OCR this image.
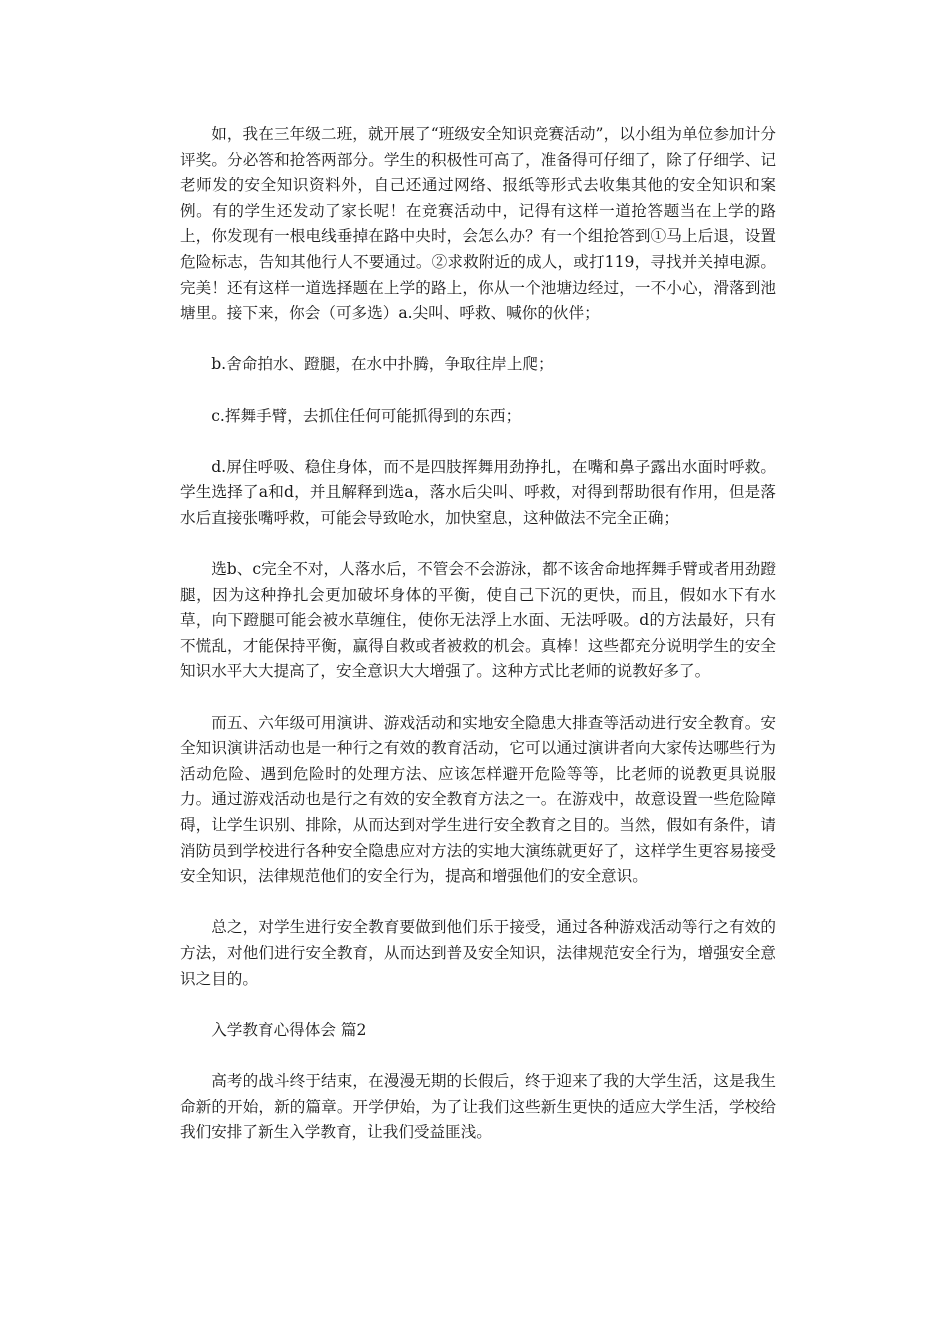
如，我在三年级二班，就开展了“班级安全知识竞赛活动”，以小组为单位参加计分评奖。分必答和抢答两部分。学生的积极性可高了，准备得可仔细了，除了仔细学、记老师发的安全知识资料外，自己还通过网络、报纸等形式去收集其他的安全知识和案例。有的学生还发动了家长呢！在竞赛活动中，记得有这样一道抢答题当在上学的路上，你发现有一根电线垂掉在路中央时，会怎么办？有一个组抢答到①马上后退，设置危险标志，告知其他行人不要通过。②求救附近的成人，或打119，寻找并关掉电源。完美！还有这样一道选择题在上学的路上，你从一个池塘边经过，一不小心，滑落到池塘里。接下来，你会（可多选）a.尖叫、呼救、喊你的伙伴；

b.舍命拍水、蹬腿，在水中扑腾，争取往岸上爬；

c.挥舞手臂，去抓住任何可能抓得到的东西；

d.屏住呼吸、稳住身体，而不是四肢挥舞用劲挣扎，在嘴和鼻子露出水面时呼救。学生选择了a和d，并且解释到选a，落水后尖叫、呼救，对得到帮助很有作用，但是落水后直接张嘴呼救，可能会导致呛水，加快窒息，这种做法不完全正确；

选b、c完全不对，人落水后，不管会不会游泳，都不该舍命地挥舞手臂或者用劲蹬腿，因为这种挣扎会更加破坏身体的平衡，使自己下沉的更快，而且，假如水下有水草，向下蹬腿可能会被水草缠住，使你无法浮上水面、无法呼吸。d的方法最好，只有不慌乱，才能保持平衡，赢得自救或者被救的机会。真棒！这些都充分说明学生的安全知识水平大大提高了，安全意识大大增强了。这种方式比老师的说教好多了。

而五、六年级可用演讲、游戏活动和实地安全隐患大排查等活动进行安全教育。安全知识演讲活动也是一种行之有效的教育活动，它可以通过演讲者向大家传达哪些行为活动危险、遇到危险时的处理方法、应该怎样避开危险等等，比老师的说教更具说服力。通过游戏活动也是行之有效的安全教育方法之一。在游戏中，故意设置一些危险障碍，让学生识别、排除，从而达到对学生进行安全教育之目的。当然，假如有条件，请消防员到学校进行各种安全隐患应对方法的实地大演练就更好了，这样学生更容易接受安全知识，法律规范他们的安全行为，提高和增强他们的安全意识。

总之，对学生进行安全教育要做到他们乐于接受，通过各种游戏活动等行之有效的方法，对他们进行安全教育，从而达到普及安全知识，法律规范安全行为，增强安全意识之目的。

入学教育心得体会 篇2

高考的战斗终于结束，在漫漫无期的长假后，终于迎来了我的大学生活，这是我生命新的开始，新的篇章。开学伊始，为了让我们这些新生更快的适应大学生活，学校给我们安排了新生入学教育，让我们受益匪浅。
